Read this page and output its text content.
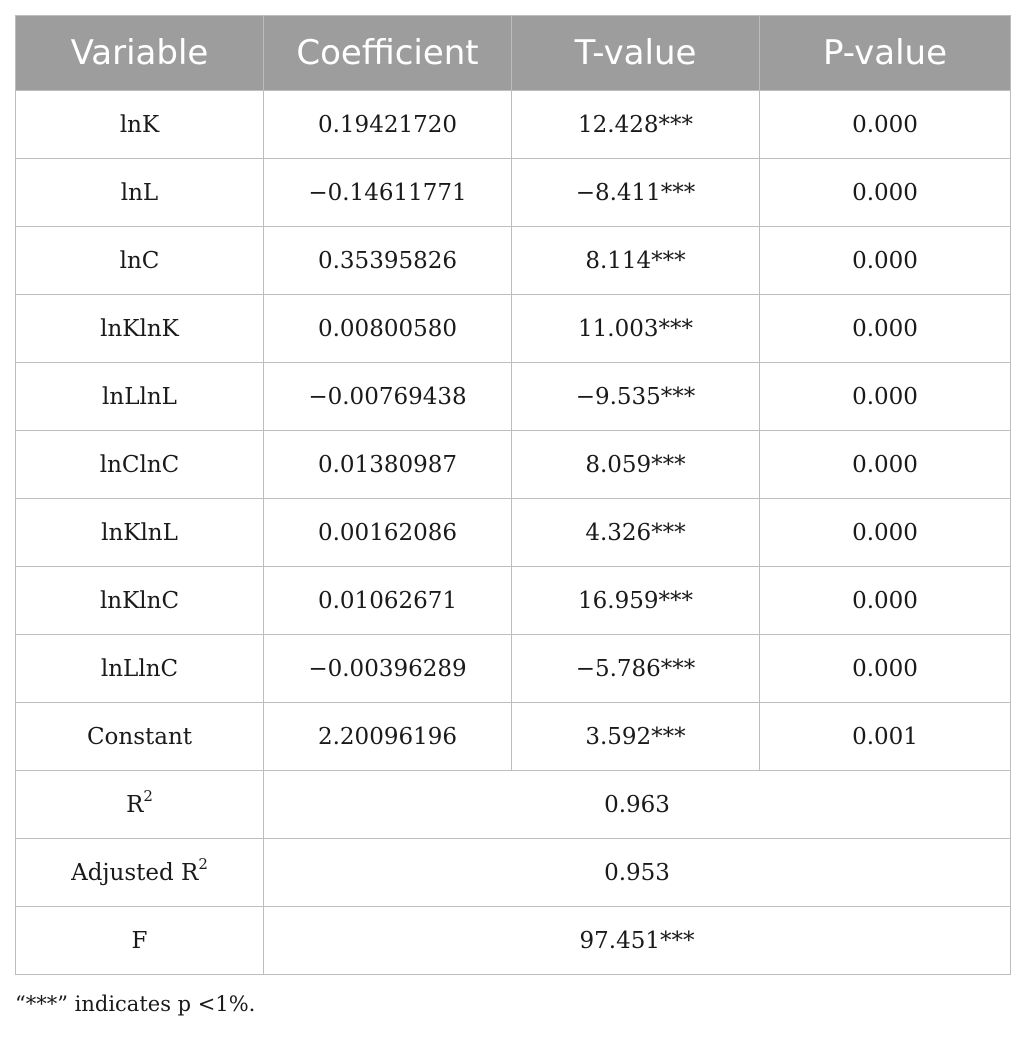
Variable	Coefficient	T-value	P-value
lnK	0.19421720	12.428***	0.000
lnL	−0.14611771	−8.411***	0.000
lnC	0.35395826	8.114***	0.000
lnKlnK	0.00800580	11.003***	0.000
lnLlnL	−0.00769438	−9.535***	0.000
lnClnC	0.01380987	8.059***	0.000
lnKlnL	0.00162086	4.326***	0.000
lnKlnC	0.01062671	16.959***	0.000
lnLlnC	−0.00396289	−5.786***	0.000
Constant	2.20096196	3.592***	0.001
$R^2$	0.963		
Adjusted $R^2$	0.953		
F	97.451***		
“***” indicates p <1%.
